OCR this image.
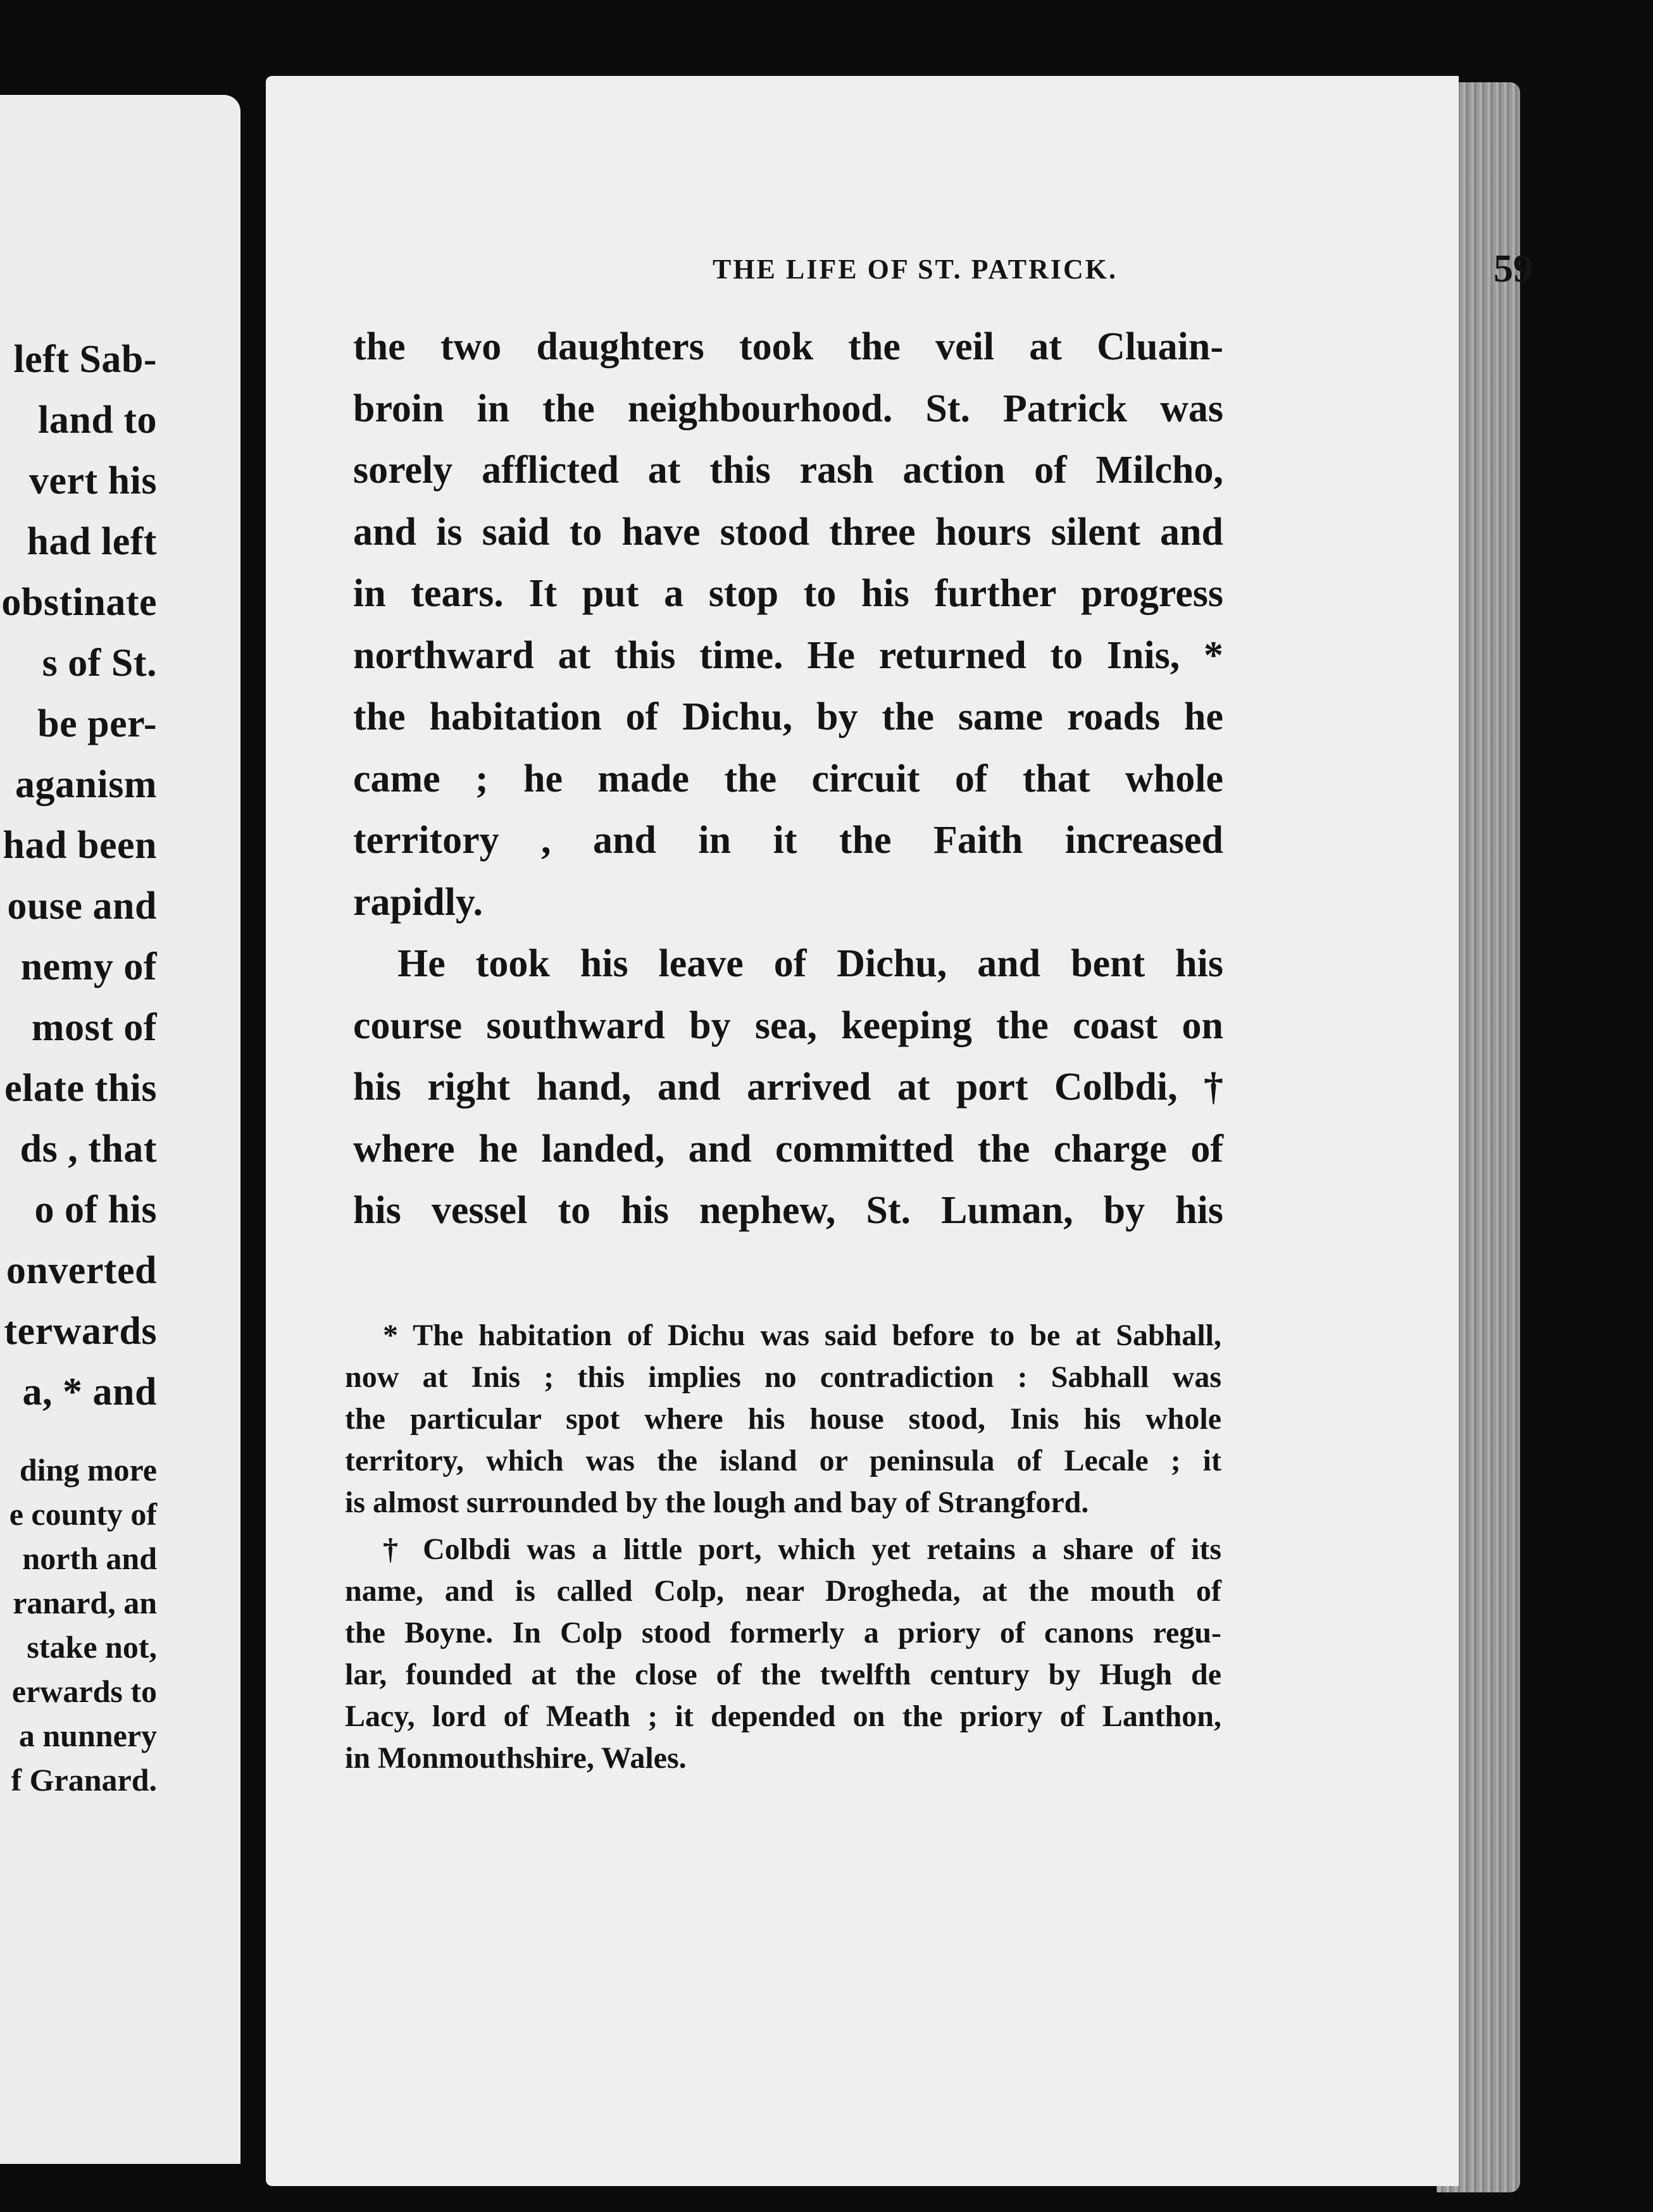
left Sab-
land to
vert his
had left
obstinate
s of St.
be per-
aganism
had been
ouse and
nemy of
most of
elate this
ds , that
o of his
onverted
terwards
a, * and
ding more
e county of
north and
ranard, an
stake not,
erwards to
a nunnery
f Granard.
THE LIFE OF ST. PATRICK.	59
the two daughters took the veil at Cluain-
broin in the neighbourhood. St. Patrick was
sorely afflicted at this rash action of Milcho,
and is said to have stood three hours silent and
in tears. It put a stop to his further progress
northward at this time. He returned to Inis, *
the habitation of Dichu, by the same roads he
came ; he made the circuit of that whole
territory , and in it the Faith increased
rapidly.
He took his leave of Dichu, and bent his
course southward by sea, keeping the coast on
his right hand, and arrived at port Colbdi, †
where he landed, and committed the charge of
his vessel to his nephew, St. Luman, by his
* The habitation of Dichu was said before to be at Sabhall,
now at Inis ; this implies no contradiction : Sabhall was
the particular spot where his house stood, Inis his whole
territory, which was the island or peninsula of Lecale ; it
is almost surrounded by the lough and bay of Strangford.
† Colbdi was a little port, which yet retains a share of its
name, and is called Colp, near Drogheda, at the mouth of
the Boyne. In Colp stood formerly a priory of canons regu-
lar, founded at the close of the twelfth century by Hugh de
Lacy, lord of Meath ; it depended on the priory of Lanthon,
in Monmouthshire, Wales.
